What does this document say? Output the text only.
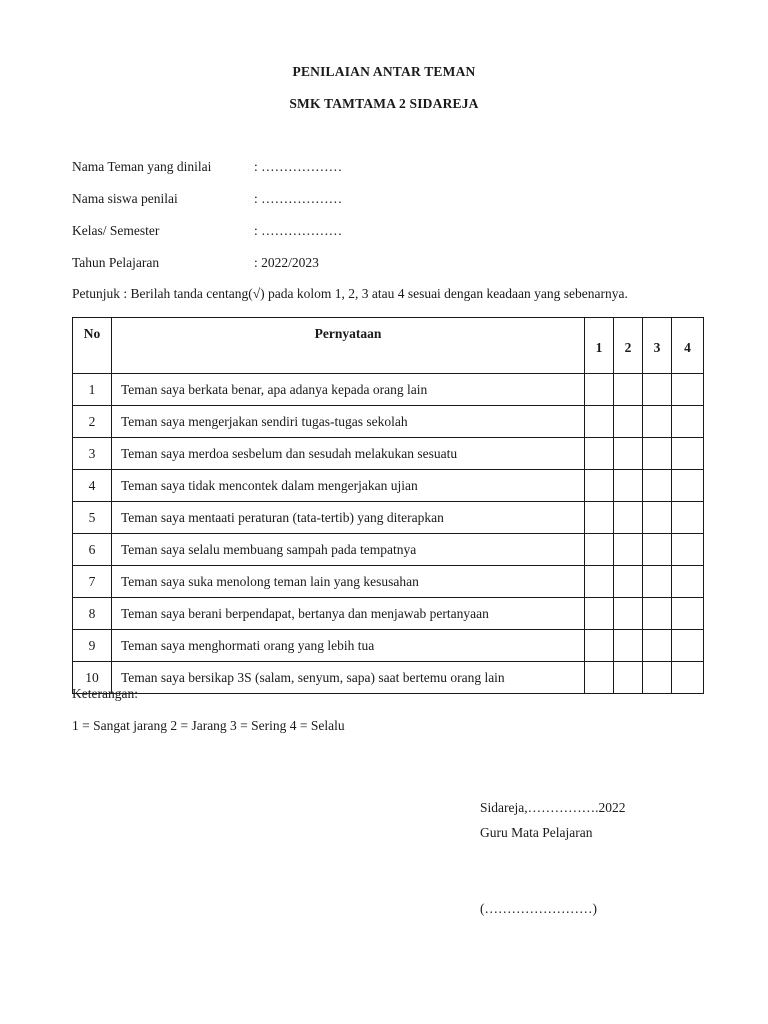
PENILAIAN ANTAR TEMAN
SMK TAMTAMA 2 SIDAREJA
Nama Teman yang dinilai	: ………………
Nama siswa penilai	: ………………
Kelas/ Semester	: ………………
Tahun Pelajaran	: 2022/2023
Petunjuk : Berilah tanda centang(√) pada kolom 1, 2, 3 atau 4 sesuai dengan keadaan yang sebenarnya.
No	Pernyataan	1	2	3	4
1	Teman saya berkata benar, apa adanya kepada orang lain				
2	Teman saya mengerjakan sendiri tugas-tugas sekolah				
3	Teman saya merdoa sesbelum dan sesudah melakukan sesuatu				
4	Teman saya tidak mencontek dalam mengerjakan ujian				
5	Teman saya mentaati peraturan (tata-tertib) yang diterapkan				
6	Teman saya selalu membuang sampah pada tempatnya				
7	Teman saya suka menolong teman lain yang kesusahan				
8	Teman saya berani berpendapat, bertanya dan menjawab pertanyaan				
9	Teman saya menghormati orang yang lebih tua				
10	Teman saya bersikap 3S (salam, senyum, sapa) saat bertemu orang lain				
Keterangan:
1 = Sangat jarang 2 = Jarang 3 = Sering 4 = Selalu
Sidareja,…………….2022
Guru Mata Pelajaran
(……………………)
